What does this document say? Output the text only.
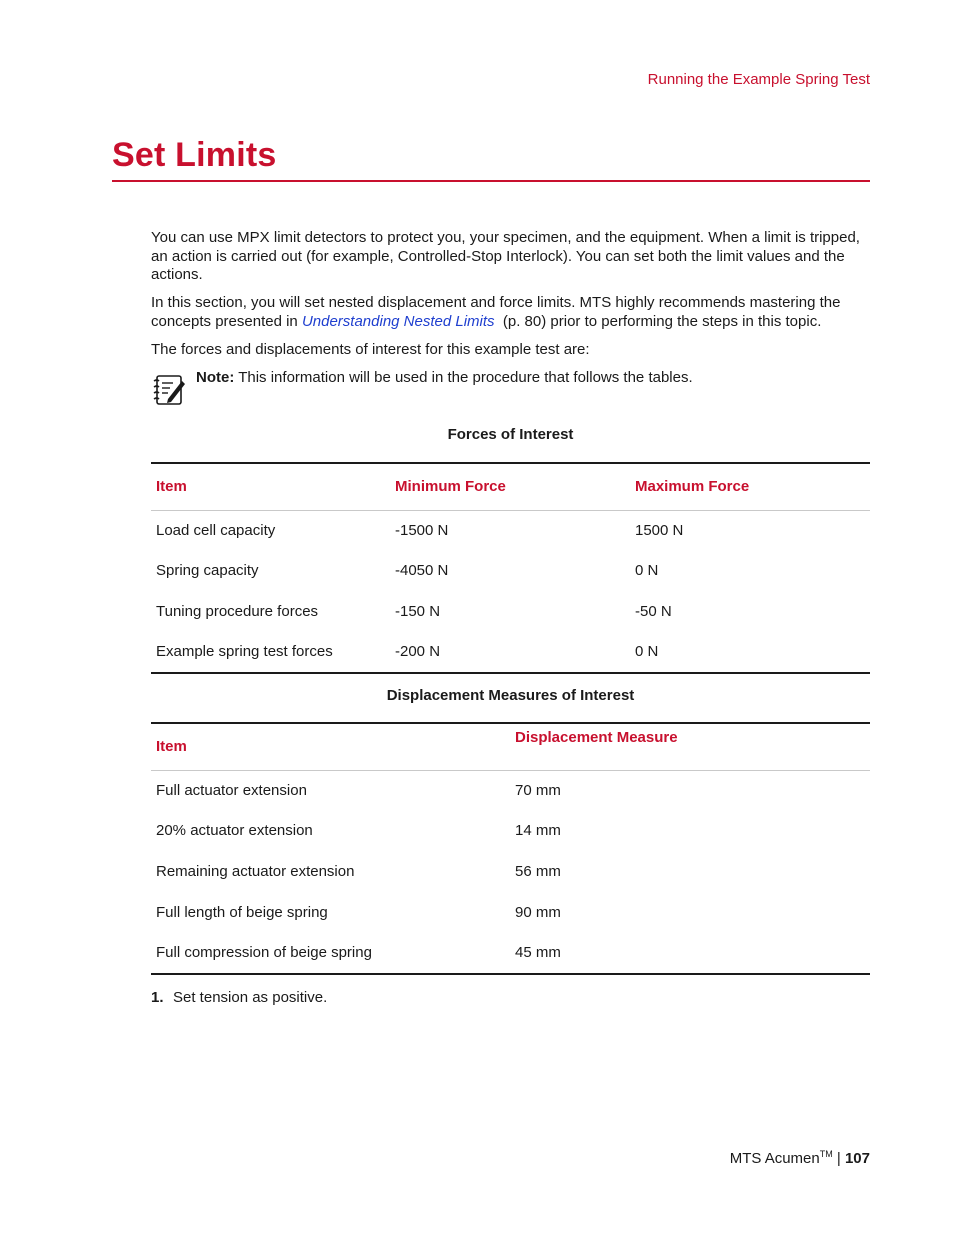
Running the Example Spring Test
Set Limits

You can use MPX limit detectors to protect you, your specimen, and the equipment. When a limit is tripped, an action is carried out (for example, Controlled-Stop Interlock). You can set both the limit values and the actions.

In this section, you will set nested displacement and force limits. MTS highly recommends mastering the concepts presented in Understanding Nested Limits  (p. 80) prior to performing the steps in this topic.

The forces and displacements of interest for this example test are:

Note: This information will be used in the procedure that follows the tables.
Forces of Interest
Item	Minimum Force	Maximum Force
Load cell capacity	-1500 N	1500 N
Spring capacity	-4050 N	0 N
Tuning procedure forces	-150 N	-50 N
Example spring test forces	-200 N	0 N
Displacement Measures of Interest
Item	Displacement Measure
Full actuator extension	70 mm
20% actuator extension	14 mm
Remaining actuator extension	56 mm
Full length of beige spring	90 mm
Full compression of beige spring	45 mm
1. Set tension as positive.
MTS Acumen™ | 107
